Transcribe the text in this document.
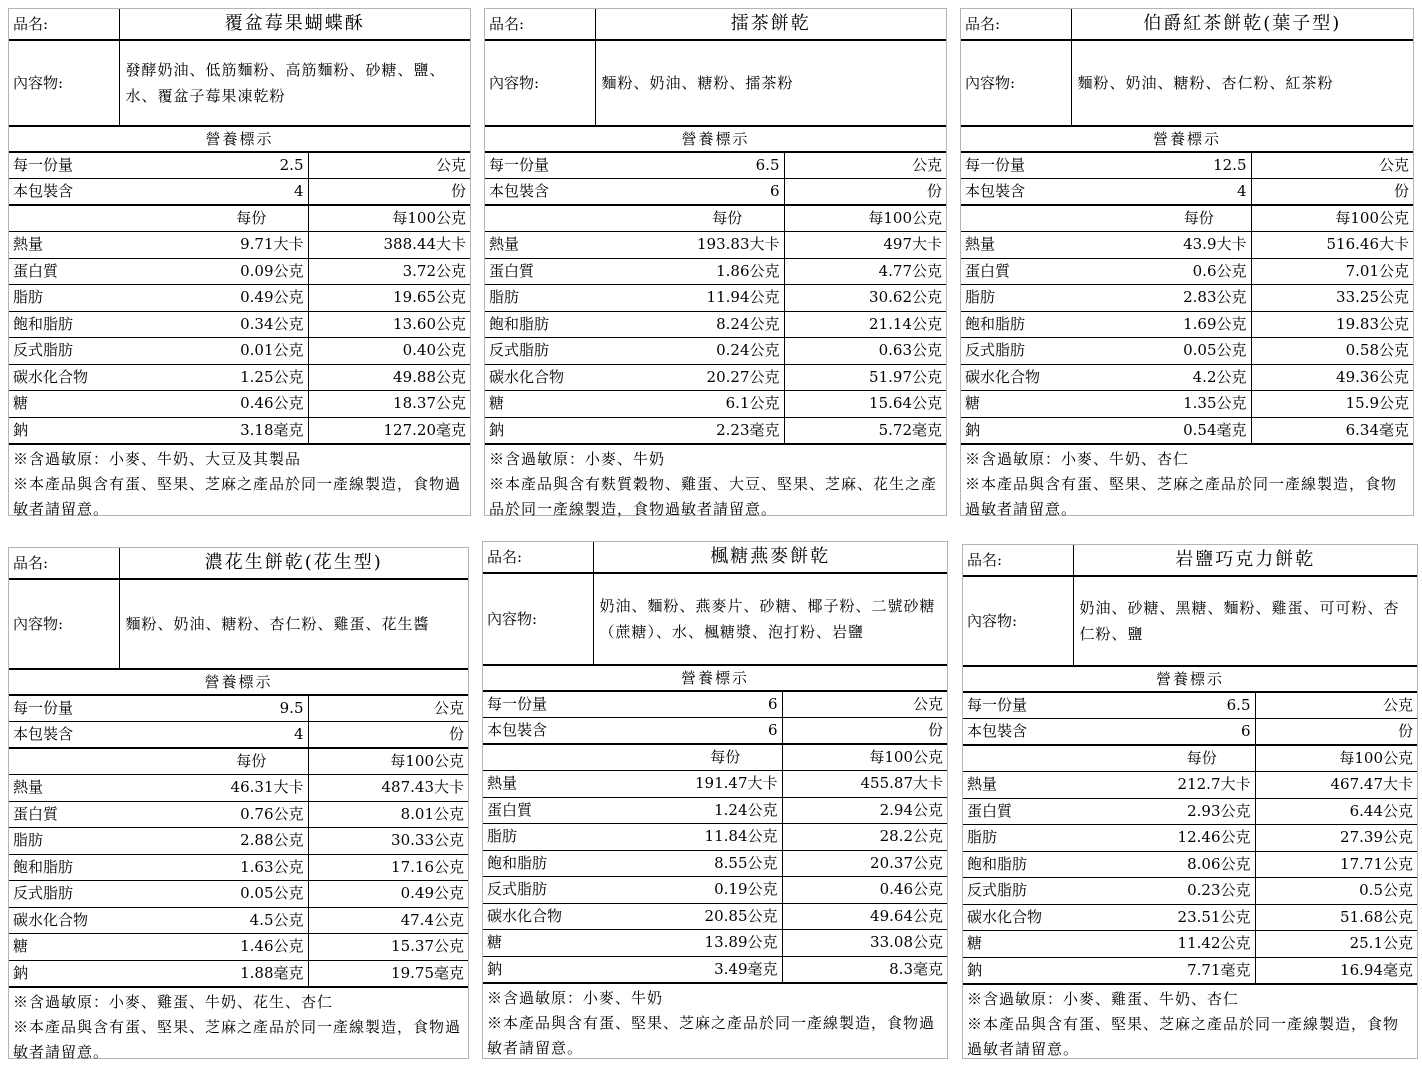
品名:	覆盆莓果蝴蝶酥		
內容物:	發酵奶油、低筋麵粉、高筋麵粉、砂糖、鹽、水、覆盆子莓果凍乾粉		
營養標示			
每一份量		2.5	公克
本包裝含		4	份
		每份	每100公克
熱量		9.71大卡	388.44大卡
蛋白質		0.09公克	3.72公克
脂肪		0.49公克	19.65公克
飽和脂肪		0.34公克	13.60公克
反式脂肪		0.01公克	0.40公克
碳水化合物		1.25公克	49.88公克
糖		0.46公克	18.37公克
鈉		3.18毫克	127.20毫克
※含過敏原：小麥、牛奶、大豆及其製品
※本產品與含有蛋、堅果、芝麻之產品於同一產線製造，食物過敏者請留意。
品名:	擂茶餅乾		
內容物:	麵粉、奶油、糖粉、擂茶粉		
營養標示			
每一份量		6.5	公克
本包裝含		6	份
		每份	每100公克
熱量		193.83大卡	497大卡
蛋白質		1.86公克	4.77公克
脂肪		11.94公克	30.62公克
飽和脂肪		8.24公克	21.14公克
反式脂肪		0.24公克	0.63公克
碳水化合物		20.27公克	51.97公克
糖		6.1公克	15.64公克
鈉		2.23毫克	5.72毫克
※含過敏原：小麥、牛奶
※本產品與含有麩質穀物、雞蛋、大豆、堅果、芝麻、花生之產品於同一產線製造，食物過敏者請留意。
品名:	伯爵紅茶餅乾(葉子型)		
內容物:	麵粉、奶油、糖粉、杏仁粉、紅茶粉		
營養標示			
每一份量		12.5	公克
本包裝含		4	份
		每份	每100公克
熱量		43.9大卡	516.46大卡
蛋白質		0.6公克	7.01公克
脂肪		2.83公克	33.25公克
飽和脂肪		1.69公克	19.83公克
反式脂肪		0.05公克	0.58公克
碳水化合物		4.2公克	49.36公克
糖		1.35公克	15.9公克
鈉		0.54毫克	6.34毫克
※含過敏原：小麥、牛奶、杏仁
※本產品與含有蛋、堅果、芝麻之產品於同一產線製造，食物過敏者請留意。
品名:	濃花生餅乾(花生型)		
內容物:	麵粉、奶油、糖粉、杏仁粉、雞蛋、花生醬		
營養標示			
每一份量		9.5	公克
本包裝含		4	份
		每份	每100公克
熱量		46.31大卡	487.43大卡
蛋白質		0.76公克	8.01公克
脂肪		2.88公克	30.33公克
飽和脂肪		1.63公克	17.16公克
反式脂肪		0.05公克	0.49公克
碳水化合物		4.5公克	47.4公克
糖		1.46公克	15.37公克
鈉		1.88毫克	19.75毫克
※含過敏原：小麥、雞蛋、牛奶、花生、杏仁
※本產品與含有蛋、堅果、芝麻之產品於同一產線製造，食物過敏者請留意。
品名:	楓糖燕麥餅乾		
內容物:	奶油、麵粉、燕麥片、砂糖、椰子粉、二號砂糖（蔗糖）、水、楓糖漿、泡打粉、岩鹽		
營養標示			
每一份量		6	公克
本包裝含		6	份
		每份	每100公克
熱量		191.47大卡	455.87大卡
蛋白質		1.24公克	2.94公克
脂肪		11.84公克	28.2公克
飽和脂肪		8.55公克	20.37公克
反式脂肪		0.19公克	0.46公克
碳水化合物		20.85公克	49.64公克
糖		13.89公克	33.08公克
鈉		3.49毫克	8.3毫克
※含過敏原：小麥、牛奶
※本產品與含有蛋、堅果、芝麻之產品於同一產線製造，食物過敏者請留意。
品名:	岩鹽巧克力餅乾		
內容物:	奶油、砂糖、黑糖、麵粉、雞蛋、可可粉、杏仁粉、鹽		
營養標示			
每一份量		6.5	公克
本包裝含		6	份
		每份	每100公克
熱量		212.7大卡	467.47大卡
蛋白質		2.93公克	6.44公克
脂肪		12.46公克	27.39公克
飽和脂肪		8.06公克	17.71公克
反式脂肪		0.23公克	0.5公克
碳水化合物		23.51公克	51.68公克
糖		11.42公克	25.1公克
鈉		7.71毫克	16.94毫克
※含過敏原：小麥、雞蛋、牛奶、杏仁
※本產品與含有蛋、堅果、芝麻之產品於同一產線製造，食物過敏者請留意。
